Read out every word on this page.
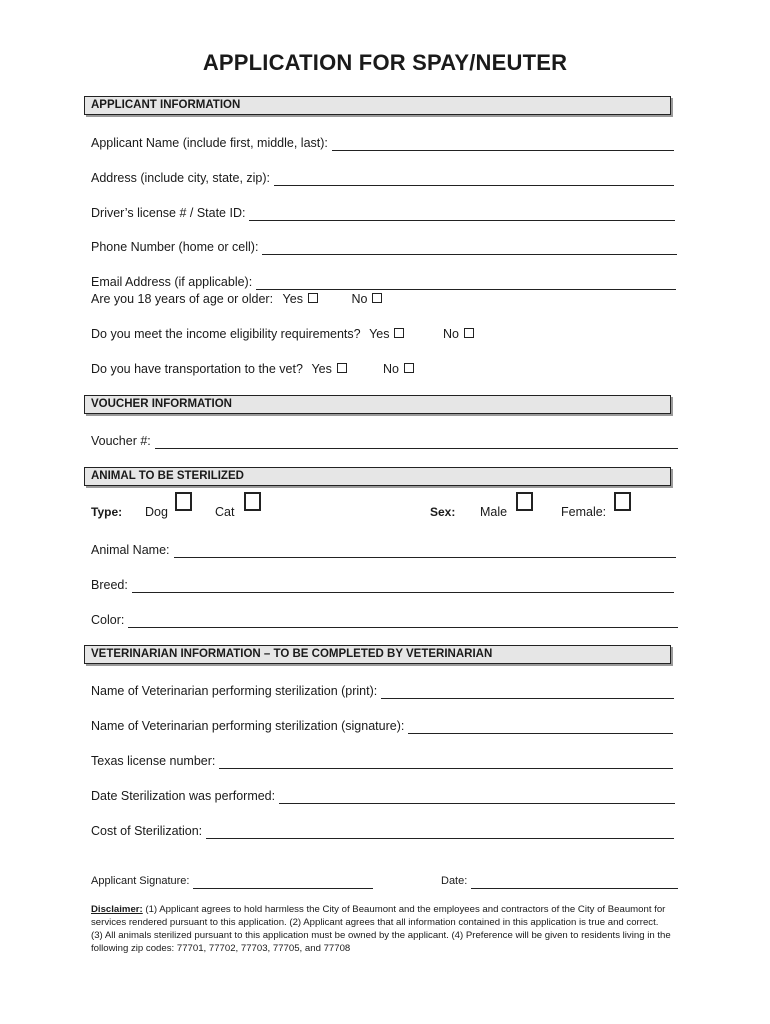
APPLICATION FOR SPAY/NEUTER
APPLICANT INFORMATION
Applicant Name (include first, middle, last):
Address (include city, state, zip):
Driver’s license # / State ID:
Phone Number (home or cell):
Email Address (if applicable):
Are you 18 years of age or older: Yes	No
Do you meet the income eligibility requirements? Yes	No
Do you have transportation to the vet? Yes	No
VOUCHER INFORMATION
Voucher #:
ANIMAL TO BE STERILIZED
Type: Dog	Cat	Sex: Male	Female:
Animal Name:
Breed:
Color:
VETERINARIAN INFORMATION – TO BE COMPLETED BY VETERINARIAN
Name of Veterinarian performing sterilization (print):
Name of Veterinarian performing sterilization (signature):
Texas license number:
Date Sterilization was performed:
Cost of Sterilization:
Applicant Signature:	Date:
Disclaimer: (1) Applicant agrees to hold harmless the City of Beaumont and the employees and contractors of the City of Beaumont for services rendered pursuant to this application. (2) Applicant agrees that all information contained in this application is true and correct. (3) All animals sterilized pursuant to this application must be owned by the applicant. (4) Preference will be given to residents living in the following zip codes: 77701, 77702, 77703, 77705, and 77708
